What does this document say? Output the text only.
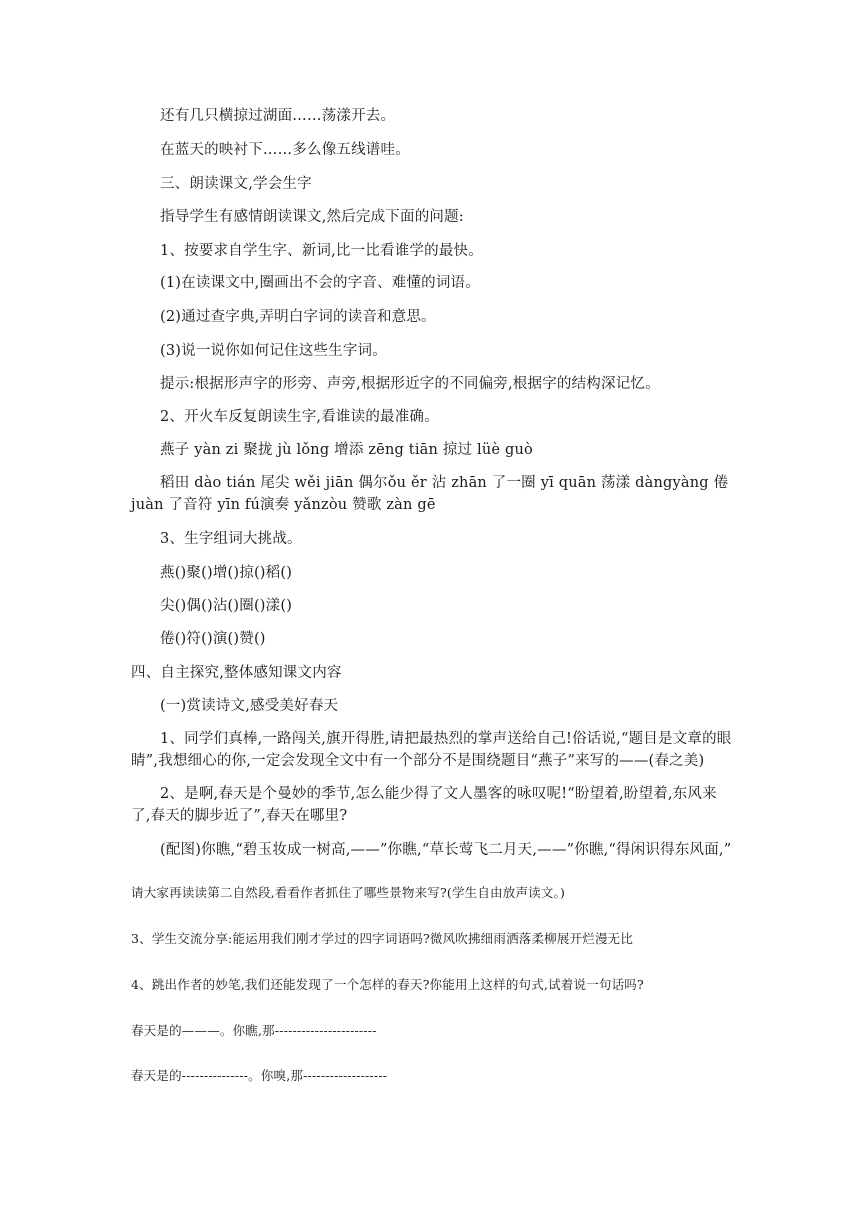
还有几只横掠过湖面……荡漾开去。
在蓝天的映衬下……多么像五线谱哇。
三、朗读课文,学会生字
指导学生有感情朗读课文,然后完成下面的问题:
1、按要求自学生字、新词,比一比看谁学的最快。
(1)在读课文中,圈画出不会的字音、难懂的词语。
(2)通过查字典,弄明白字词的读音和意思。
(3)说一说你如何记住这些生字词。
提示:根据形声字的形旁、声旁,根据形近字的不同偏旁,根据字的结构深记忆。
2、开火车反复朗读生字,看谁读的最准确。
燕子 yàn zi 聚拢 jù lǒng 增添 zēng tiān 掠过 lüè guò
稻田 dào tián 尾尖 wěi jiān 偶尔ǒu ěr 沾 zhān 了一圈 yī quān 荡漾 dàngyàng 倦 juàn 了音符 yīn fú演奏 yǎnzòu 赞歌 zàn gē
3、生字组词大挑战。
燕()聚()增()掠()稻()
尖()偶()沾()圈()漾()
倦()符()演()赞()
四、自主探究,整体感知课文内容
(一)赏读诗文,感受美好春天
1、同学们真棒,一路闯关,旗开得胜,请把最热烈的掌声送给自己!俗话说,“题目是文章的眼睛”,我想细心的你,一定会发现全文中有一个部分不是围绕题目“燕子”来写的——(春之美)
2、是啊,春天是个曼妙的季节,怎么能少得了文人墨客的咏叹呢!“盼望着,盼望着,东风来了,春天的脚步近了”,春天在哪里?
(配图)你瞧,“碧玉妆成一树高,——”你瞧,“草长莺飞二月天,——”你瞧,“得闲识得东风面,”
请大家再读读第二自然段,看看作者抓住了哪些景物来写?(学生自由放声读文。)
3、学生交流分享:能运用我们刚才学过的四字词语吗?微风吹拂细雨洒落柔柳展开烂漫无比
4、跳出作者的妙笔,我们还能发现了一个怎样的春天?你能用上这样的句式,试着说一句话吗?
春天是的———。你瞧,那-----------------------
春天是的---------------。你嗅,那-------------------
